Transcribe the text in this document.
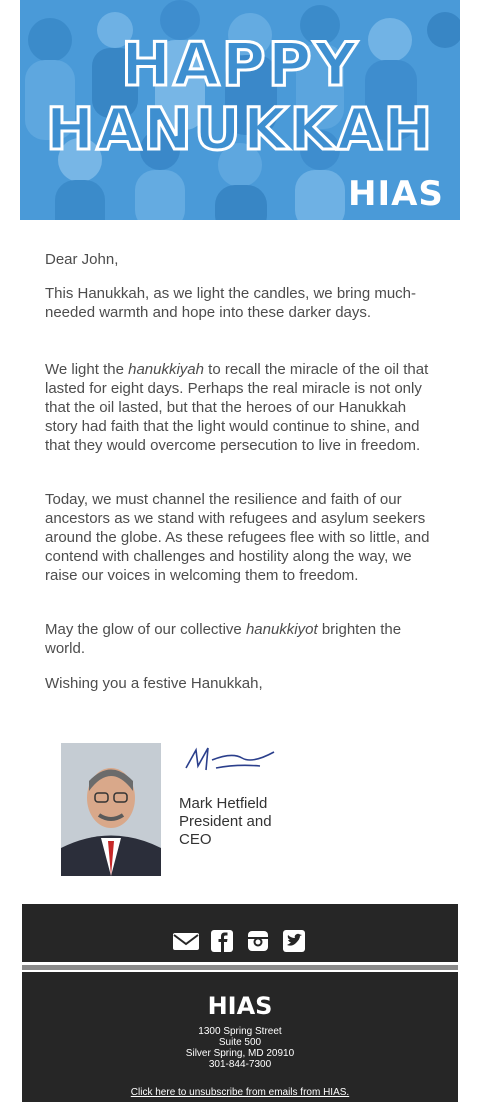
HAPPY
HANUKKAH
HIAS
Dear John,
This Hanukkah, as we light the candles, we bring much-needed warmth and hope into these darker days.
We light the hanukkiyah to recall the miracle of the oil that lasted for eight days. Perhaps the real miracle is not only that the oil lasted, but that the heroes of our Hanukkah story had faith that the light would continue to shine, and that they would overcome persecution to live in freedom.
Today, we must channel the resilience and faith of our ancestors as we stand with refugees and asylum seekers around the globe. As these refugees flee with so little, and contend with challenges and hostility along the way, we raise our voices in welcoming them to freedom.
May the glow of our collective hanukkiyot brighten the world.
Wishing you a festive Hanukkah,
Mark Hetfield
President and CEO
HIAS
1300 Spring Street
Suite 500
Silver Spring, MD 20910
301-844-7300
Click here to unsubscribe from emails from HIAS.
